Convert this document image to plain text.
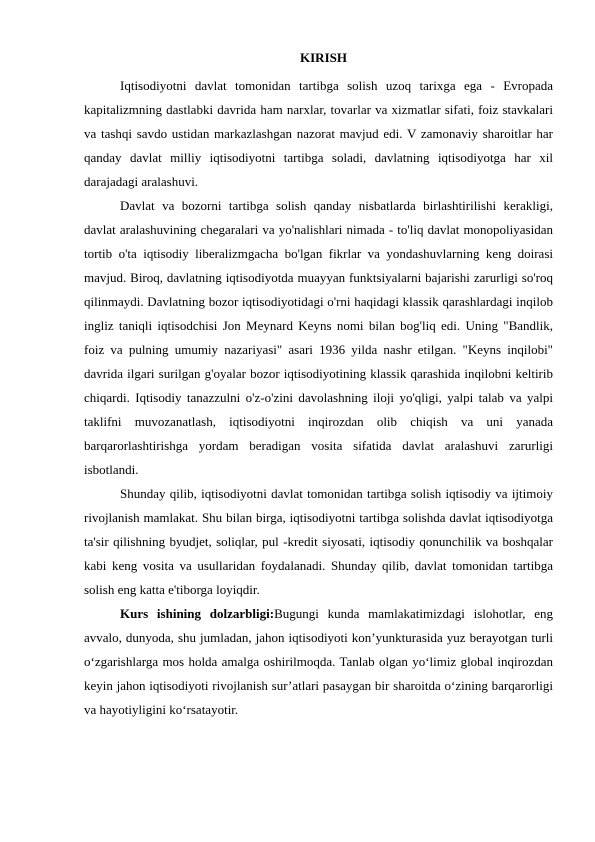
KIRISH

Iqtisodiyotni davlat tomonidan tartibga solish uzoq tarixga ega - Evropada kapitalizmning dastlabki davrida ham narxlar, tovarlar va xizmatlar sifati, foiz stavkalari va tashqi savdo ustidan markazlashgan nazorat mavjud edi. V zamonaviy sharoitlar har qanday davlat milliy iqtisodiyotni tartibga soladi, davlatning iqtisodiyotga har xil darajadagi aralashuvi.

Davlat va bozorni tartibga solish qanday nisbatlarda birlashtirilishi kerakligi, davlat aralashuvining chegaralari va yo'nalishlari nimada - to'liq davlat monopoliyasidan tortib o'ta iqtisodiy liberalizmgacha bo'lgan fikrlar va yondashuvlarning keng doirasi mavjud. Biroq, davlatning iqtisodiyotda muayyan funktsiyalarni bajarishi zarurligi so'roq qilinmaydi. Davlatning bozor iqtisodiyotidagi o'rni haqidagi klassik qarashlardagi inqilob ingliz taniqli iqtisodchisi Jon Meynard Keyns nomi bilan bog'liq edi. Uning "Bandlik, foiz va pulning umumiy nazariyasi" asari 1936 yilda nashr etilgan. "Keyns inqilobi" davrida ilgari surilgan g'oyalar bozor iqtisodiyotining klassik qarashida inqilobni keltirib chiqardi. Iqtisodiy tanazzulni o'z-o'zini davolashning iloji yo'qligi, yalpi talab va yalpi taklifni muvozanatlash, iqtisodiyotni inqirozdan olib chiqish va uni yanada barqarorlashtirishga yordam beradigan vosita sifatida davlat aralashuvi zarurligi isbotlandi.

Shunday qilib, iqtisodiyotni davlat tomonidan tartibga solish iqtisodiy va ijtimoiy rivojlanish mamlakat. Shu bilan birga, iqtisodiyotni tartibga solishda davlat iqtisodiyotga ta'sir qilishning byudjet, soliqlar, pul -kredit siyosati, iqtisodiy qonunchilik va boshqalar kabi keng vosita va usullaridan foydalanadi. Shunday qilib, davlat tomonidan tartibga solish eng katta e'tiborga loyiqdir.

Kurs ishining dolzarbligi:Bugungi kunda mamlakatimizdagi islohotlar, eng avvalo, dunyoda, shu jumladan, jahon iqtisodiyoti kon’yunkturasida yuz berayotgan turli o‘zgarishlarga mos holda amalga oshirilmoqda. Tanlab olgan yo‘limiz global inqirozdan keyin jahon iqtisodiyoti rivojlanish sur’atlari pasaygan bir sharoitda o‘zining barqarorligi va hayotiyligini ko‘rsatayotir.
